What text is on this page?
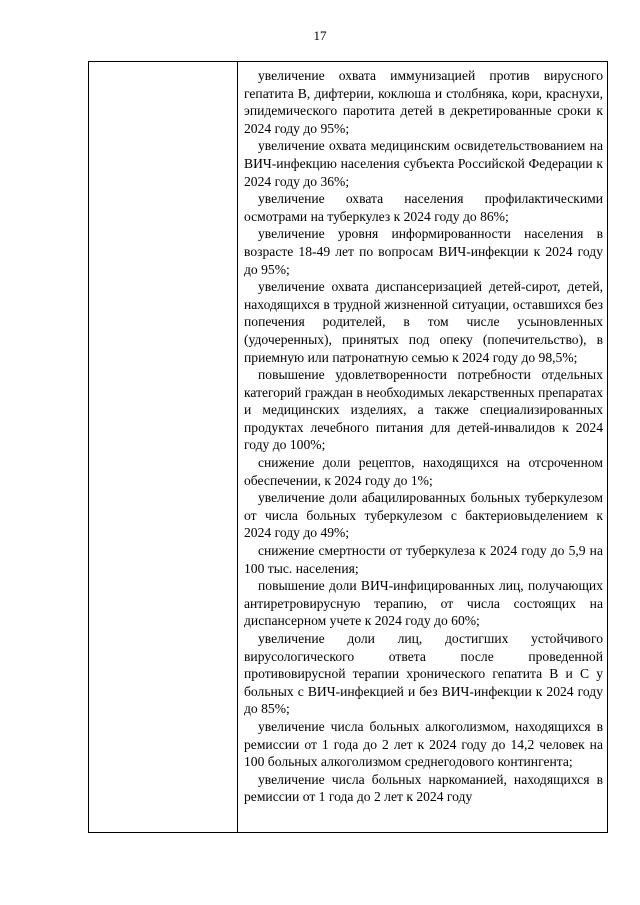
17

увеличение охвата иммунизацией против вирусного гепатита В, дифтерии, коклюша и столбняка, кори, краснухи, эпидемического паротита детей в декретированные сроки к 2024 году до 95%;

увеличение охвата медицинским освидетельствованием на ВИЧ-инфекцию населения субъекта Российской Федерации к 2024 году до 36%;

увеличение охвата населения профилактическими осмотрами на туберкулез к 2024 году до 86%;

увеличение уровня информированности населения в возрасте 18-49 лет по вопросам ВИЧ-инфекции к 2024 году до 95%;

увеличение охвата диспансеризацией детей-сирот, детей, находящихся в трудной жизненной ситуации, оставшихся без попечения родителей, в том числе усыновленных (удочеренных), принятых под опеку (попечительство), в приемную или патронатную семью к 2024 году до 98,5%;

повышение удовлетворенности потребности отдельных категорий граждан в необходимых лекарственных препаратах и медицинских изделиях, а также специализированных продуктах лечебного питания для детей-инвалидов к 2024 году до 100%;

снижение доли рецептов, находящихся на отсроченном обеспечении, к 2024 году до 1%;

увеличение доли абацилированных больных туберкулезом от числа больных туберкулезом с бактериовыделением к 2024 году до 49%;

снижение смертности от туберкулеза к 2024 году до 5,9 на 100 тыс. населения;

повышение доли ВИЧ-инфицированных лиц, получающих антиретровирусную терапию, от числа состоящих на диспансерном учете к 2024 году до 60%;

увеличение доли лиц, достигших устойчивого вирусологического ответа после проведенной противовирусной терапии хронического гепатита В и С у больных с ВИЧ-инфекцией и без ВИЧ-инфекции к 2024 году до 85%;

увеличение числа больных алкоголизмом, находящихся в ремиссии от 1 года до 2 лет к 2024 году до 14,2 человек на 100 больных алкоголизмом среднегодового контингента;

увеличение числа больных наркоманией, находящихся в ремиссии от 1 года до 2 лет к 2024 году
